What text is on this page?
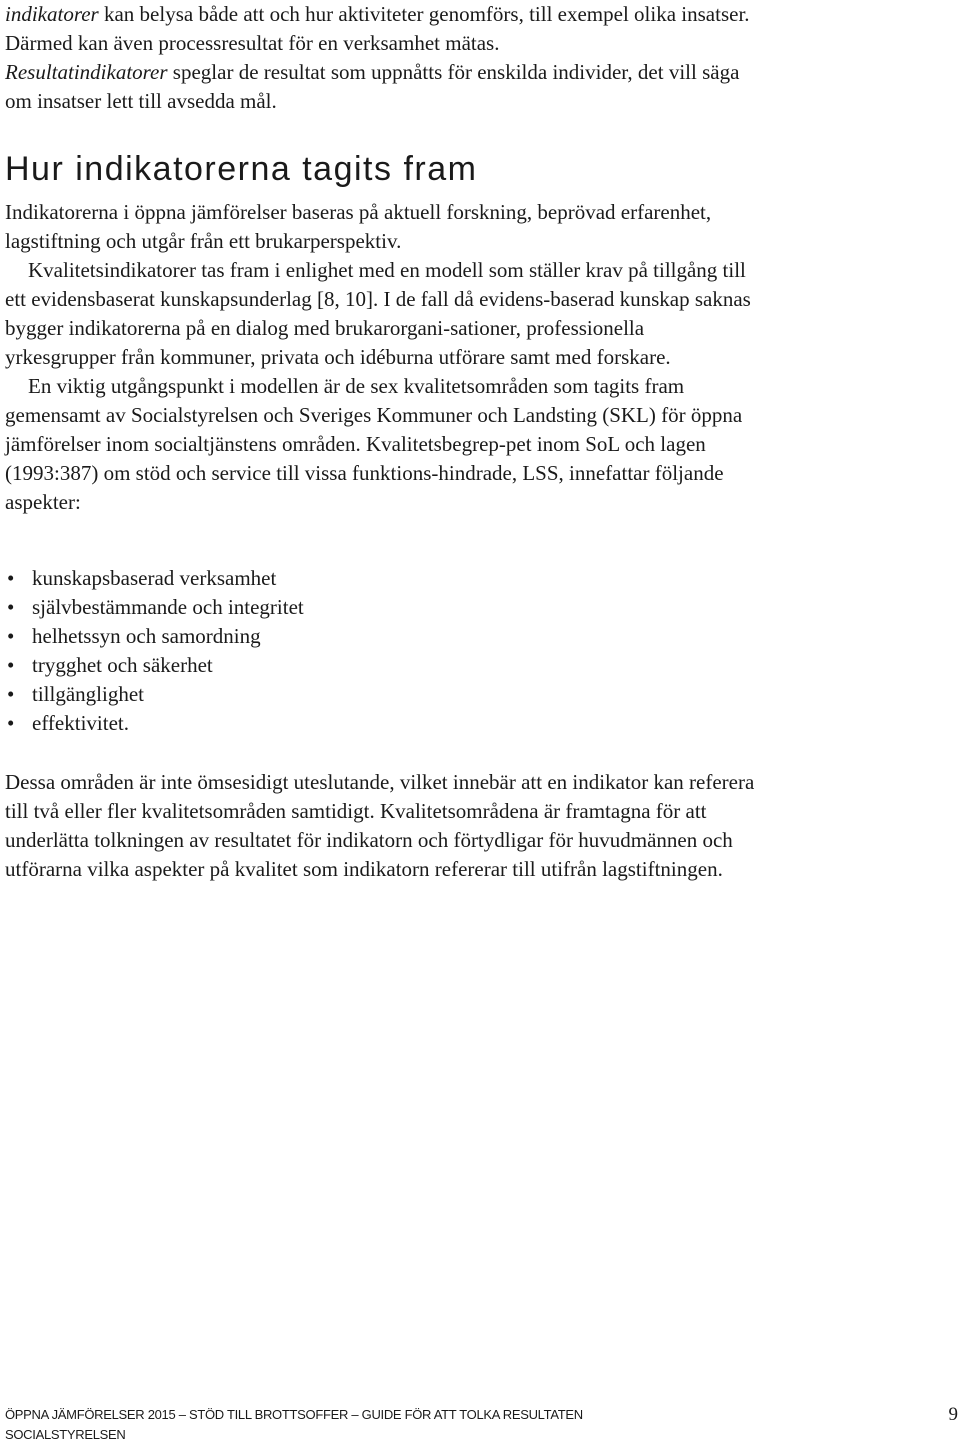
indikatorer kan belysa både att och hur aktiviteter genomförs, till exempel olika insatser. Därmed kan även processresultat för en verksamhet mätas.

Resultatindikatorer speglar de resultat som uppnåtts för enskilda individer, det vill säga om insatser lett till avsedda mål.

Hur indikatorerna tagits fram

Indikatorerna i öppna jämförelser baseras på aktuell forskning, beprövad erfarenhet, lagstiftning och utgår från ett brukarperspektiv.

Kvalitetsindikatorer tas fram i enlighet med en modell som ställer krav på tillgång till ett evidensbaserat kunskapsunderlag [8, 10]. I de fall då evidens-baserad kunskap saknas bygger indikatorerna på en dialog med brukarorgani-sationer, professionella yrkesgrupper från kommuner, privata och idéburna utförare samt med forskare.

En viktig utgångspunkt i modellen är de sex kvalitetsområden som tagits fram gemensamt av Socialstyrelsen och Sveriges Kommuner och Landsting (SKL) för öppna jämförelser inom socialtjänstens områden. Kvalitetsbegrep-pet inom SoL och lagen (1993:387) om stöd och service till vissa funktions-hindrade, LSS, innefattar följande aspekter:

• kunskapsbaserad verksamhet
• självbestämmande och integritet
• helhetssyn och samordning
• trygghet och säkerhet
• tillgänglighet
• effektivitet.

Dessa områden är inte ömsesidigt uteslutande, vilket innebär att en indikator kan referera till två eller fler kvalitetsområden samtidigt. Kvalitetsområdena är framtagna för att underlätta tolkningen av resultatet för indikatorn och förtydligar för huvudmännen och utförarna vilka aspekter på kvalitet som indikatorn refererar till utifrån lagstiftningen.

ÖPPNA JÄMFÖRELSER 2015 – STÖD TILL BROTTSOFFER – GUIDE FÖR ATT TOLKA RESULTATEN
SOCIALSTYRELSEN
9
